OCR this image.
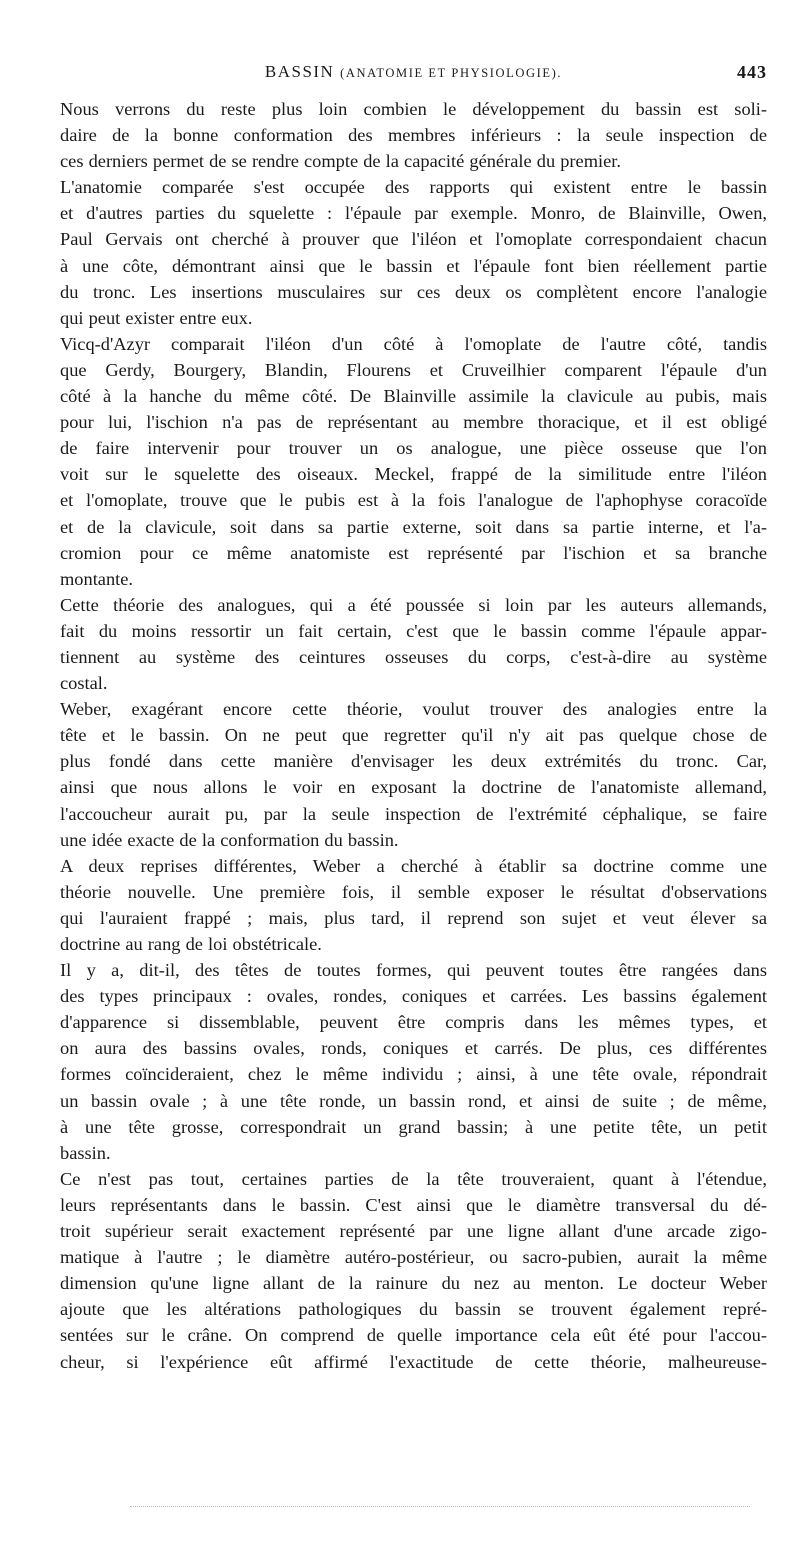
BASSIN (ANATOMIE ET PHYSIOLOGIE).	443
Nous verrons du reste plus loin combien le développement du bassin est soli-
daire de la bonne conformation des membres inférieurs : la seule inspection de
ces derniers permet de se rendre compte de la capacité générale du premier.
L'anatomie comparée s'est occupée des rapports qui existent entre le bassin
et d'autres parties du squelette : l'épaule par exemple. Monro, de Blainville, Owen,
Paul Gervais ont cherché à prouver que l'iléon et l'omoplate correspondaient chacun
à une côte, démontrant ainsi que le bassin et l'épaule font bien réellement partie
du tronc. Les insertions musculaires sur ces deux os complètent encore l'analogie
qui peut exister entre eux.
Vicq-d'Azyr comparait l'iléon d'un côté à l'omoplate de l'autre côté, tandis
que Gerdy, Bourgery, Blandin, Flourens et Cruveilhier comparent l'épaule d'un
côté à la hanche du même côté. De Blainville assimile la clavicule au pubis, mais
pour lui, l'ischion n'a pas de représentant au membre thoracique, et il est obligé
de faire intervenir pour trouver un os analogue, une pièce osseuse que l'on
voit sur le squelette des oiseaux. Meckel, frappé de la similitude entre l'iléon
et l'omoplate, trouve que le pubis est à la fois l'analogue de l'aphophyse coracoïde
et de la clavicule, soit dans sa partie externe, soit dans sa partie interne, et l'a-
cromion pour ce même anatomiste est représenté par l'ischion et sa branche
montante.
Cette théorie des analogues, qui a été poussée si loin par les auteurs allemands,
fait du moins ressortir un fait certain, c'est que le bassin comme l'épaule appar-
tiennent au système des ceintures osseuses du corps, c'est-à-dire au système
costal.
Weber, exagérant encore cette théorie, voulut trouver des analogies entre la
tête et le bassin. On ne peut que regretter qu'il n'y ait pas quelque chose de
plus fondé dans cette manière d'envisager les deux extrémités du tronc. Car,
ainsi que nous allons le voir en exposant la doctrine de l'anatomiste allemand,
l'accoucheur aurait pu, par la seule inspection de l'extrémité céphalique, se faire
une idée exacte de la conformation du bassin.
A deux reprises différentes, Weber a cherché à établir sa doctrine comme une
théorie nouvelle. Une première fois, il semble exposer le résultat d'observations
qui l'auraient frappé ; mais, plus tard, il reprend son sujet et veut élever sa
doctrine au rang de loi obstétricale.
Il y a, dit-il, des têtes de toutes formes, qui peuvent toutes être rangées dans
des types principaux : ovales, rondes, coniques et carrées. Les bassins également
d'apparence si dissemblable, peuvent être compris dans les mêmes types, et
on aura des bassins ovales, ronds, coniques et carrés. De plus, ces différentes
formes coïncideraient, chez le même individu ; ainsi, à une tête ovale, répondrait
un bassin ovale ; à une tête ronde, un bassin rond, et ainsi de suite ; de même,
à une tête grosse, correspondrait un grand bassin; à une petite tête, un petit
bassin.
Ce n'est pas tout, certaines parties de la tête trouveraient, quant à l'étendue,
leurs représentants dans le bassin. C'est ainsi que le diamètre transversal du dé-
troit supérieur serait exactement représenté par une ligne allant d'une arcade zigo-
matique à l'autre ; le diamètre autéro-postérieur, ou sacro-pubien, aurait la même
dimension qu'une ligne allant de la rainure du nez au menton. Le docteur Weber
ajoute que les altérations pathologiques du bassin se trouvent également repré-
sentées sur le crâne. On comprend de quelle importance cela eût été pour l'accou-
cheur, si l'expérience eût affirmé l'exactitude de cette théorie, malheureuse-
